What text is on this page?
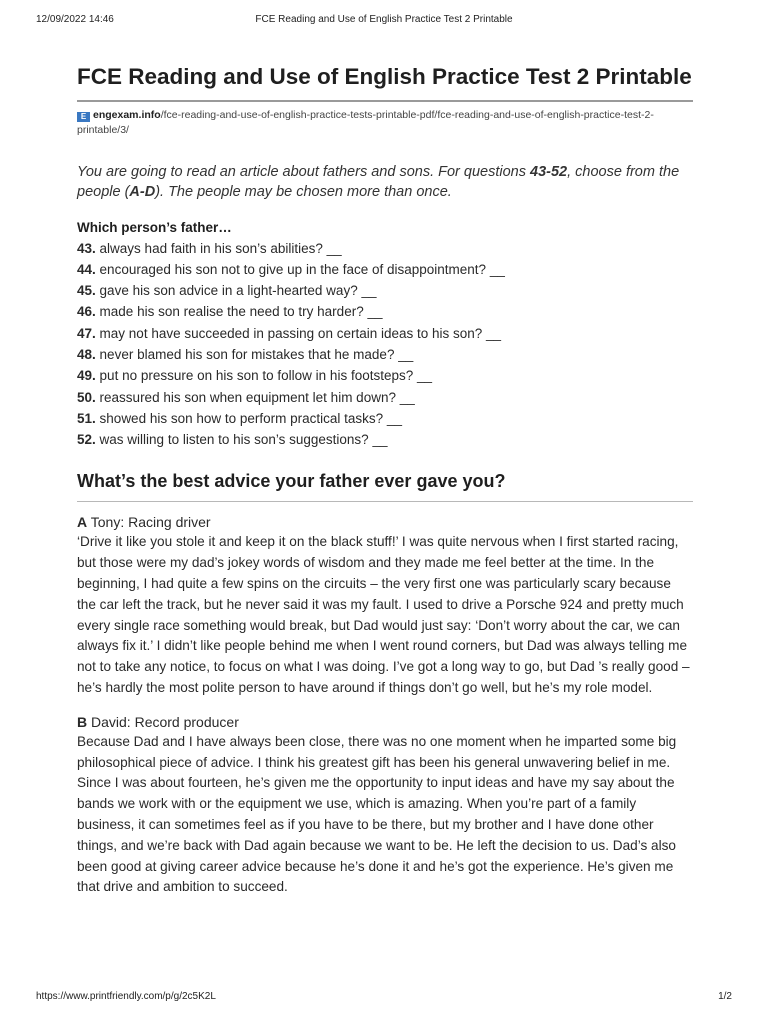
12/09/2022 14:46	FCE Reading and Use of English Practice Test 2 Printable
FCE Reading and Use of English Practice Test 2 Printable
E engexam.info/fce-reading-and-use-of-english-practice-tests-printable-pdf/fce-reading-and-use-of-english-practice-test-2-printable/3/

You are going to read an article about fathers and sons. For questions 43-52, choose from the people (A-D). The people may be chosen more than once.

Which person’s father…
43. always had faith in his son’s abilities? __
44. encouraged his son not to give up in the face of disappointment? __
45. gave his son advice in a light-hearted way? __
46. made his son realise the need to try harder? __
47. may not have succeeded in passing on certain ideas to his son? __
48. never blamed his son for mistakes that he made? __
49. put no pressure on his son to follow in his footsteps? __
50. reassured his son when equipment let him down? __
51. showed his son how to perform practical tasks? __
52. was willing to listen to his son’s suggestions? __
What’s the best advice your father ever gave you?
A Tony: Racing driver

‘Drive it like you stole it and keep it on the black stuff!’ I was quite nervous when I first started racing, but those were my dad’s jokey words of wisdom and they made me feel better at the time. In the beginning, I had quite a few spins on the circuits – the very first one was particularly scary because the car left the track, but he never said it was my fault. I used to drive a Porsche 924 and pretty much every single race something would break, but Dad would just say: ‘Don’t worry about the car, we can always fix it.’ I didn’t like people behind me when I went round corners, but Dad was always telling me not to take any notice, to focus on what I was doing. I’ve got a long way to go, but Dad ’s really good – he’s hardly the most polite person to have around if things don’t go well, but he’s my role model.

B David: Record producer

Because Dad and I have always been close, there was no one moment when he imparted some big philosophical piece of advice. I think his greatest gift has been his general unwavering belief in me. Since I was about fourteen, he’s given me the opportunity to input ideas and have my say about the bands we work with or the equipment we use, which is amazing. When you’re part of a family business, it can sometimes feel as if you have to be there, but my brother and I have done other things, and we’re back with Dad again because we want to be. He left the decision to us. Dad’s also been good at giving career advice because he’s done it and he’s got the experience. He’s given me that drive and ambition to succeed.

https://www.printfriendly.com/p/g/2c5K2L	1/2
